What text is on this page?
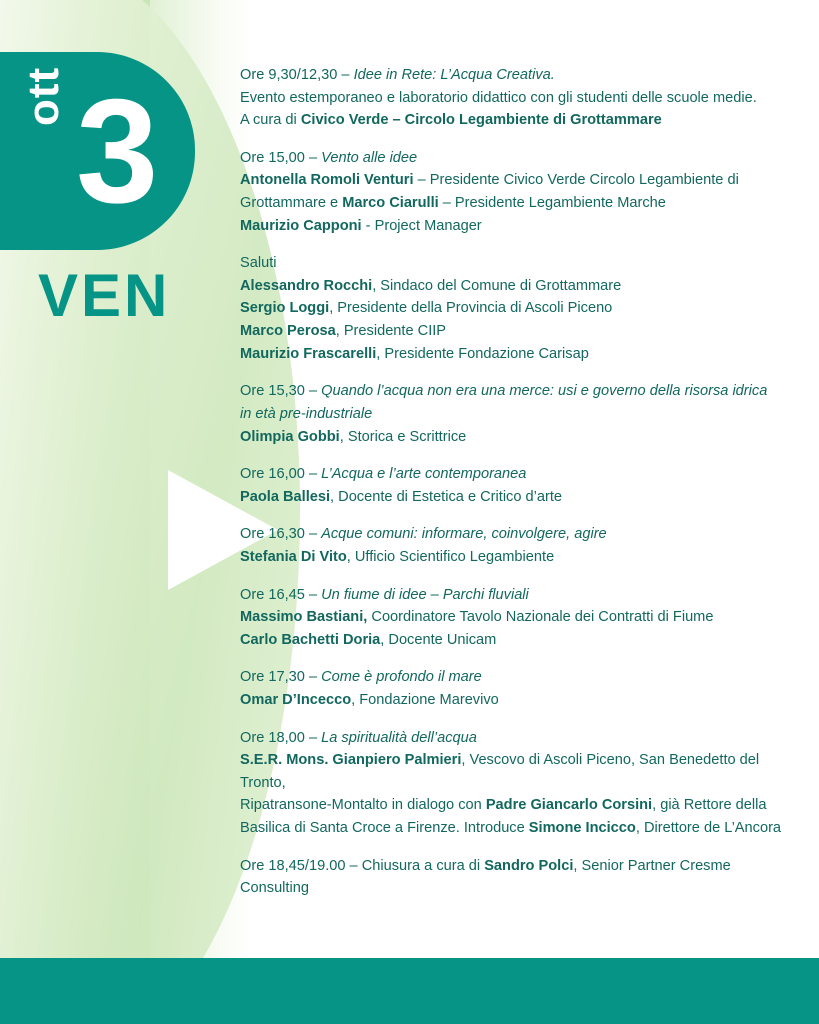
ott 3
VEN
Ore 9,30/12,30 – Idee in Rete: L’Acqua Creativa.
Evento estemporaneo e laboratorio didattico con gli studenti delle scuole medie.
A cura di Civico Verde – Circolo Legambiente di Grottammare
Ore 15,00 – Vento alle idee
Antonella Romoli Venturi – Presidente Civico Verde Circolo Legambiente di
Grottammare e Marco Ciarulli – Presidente Legambiente Marche
Maurizio Capponi - Project Manager
Saluti
Alessandro Rocchi, Sindaco del Comune di Grottammare
Sergio Loggi, Presidente della Provincia di Ascoli Piceno
Marco Perosa, Presidente CIIP
Maurizio Frascarelli, Presidente Fondazione Carisap
Ore 15,30 – Quando l’acqua non era una merce: usi e governo della risorsa idrica
in età pre-industriale
Olimpia Gobbi, Storica e Scrittrice
Ore 16,00 – L’Acqua e l’arte contemporanea
Paola Ballesi, Docente di Estetica e Critico d’arte
Ore 16,30 – Acque comuni: informare, coinvolgere, agire
Stefania Di Vito, Ufficio Scientifico Legambiente
Ore 16,45 – Un fiume di idee – Parchi fluviali
Massimo Bastiani, Coordinatore Tavolo Nazionale dei Contratti di Fiume
Carlo Bachetti Doria, Docente Unicam
Ore 17,30 – Come è profondo il mare
Omar D’Incecco, Fondazione Marevivo
Ore 18,00 – La spiritualità dell’acqua
S.E.R. Mons. Gianpiero Palmieri, Vescovo di Ascoli Piceno, San Benedetto del Tronto,
Ripatransone-Montalto in dialogo con Padre Giancarlo Corsini, già Rettore della
Basilica di Santa Croce a Firenze. Introduce Simone Incicco, Direttore de L’Ancora
Ore 18,45/19.00 – Chiusura a cura di Sandro Polci, Senior Partner Cresme Consulting
